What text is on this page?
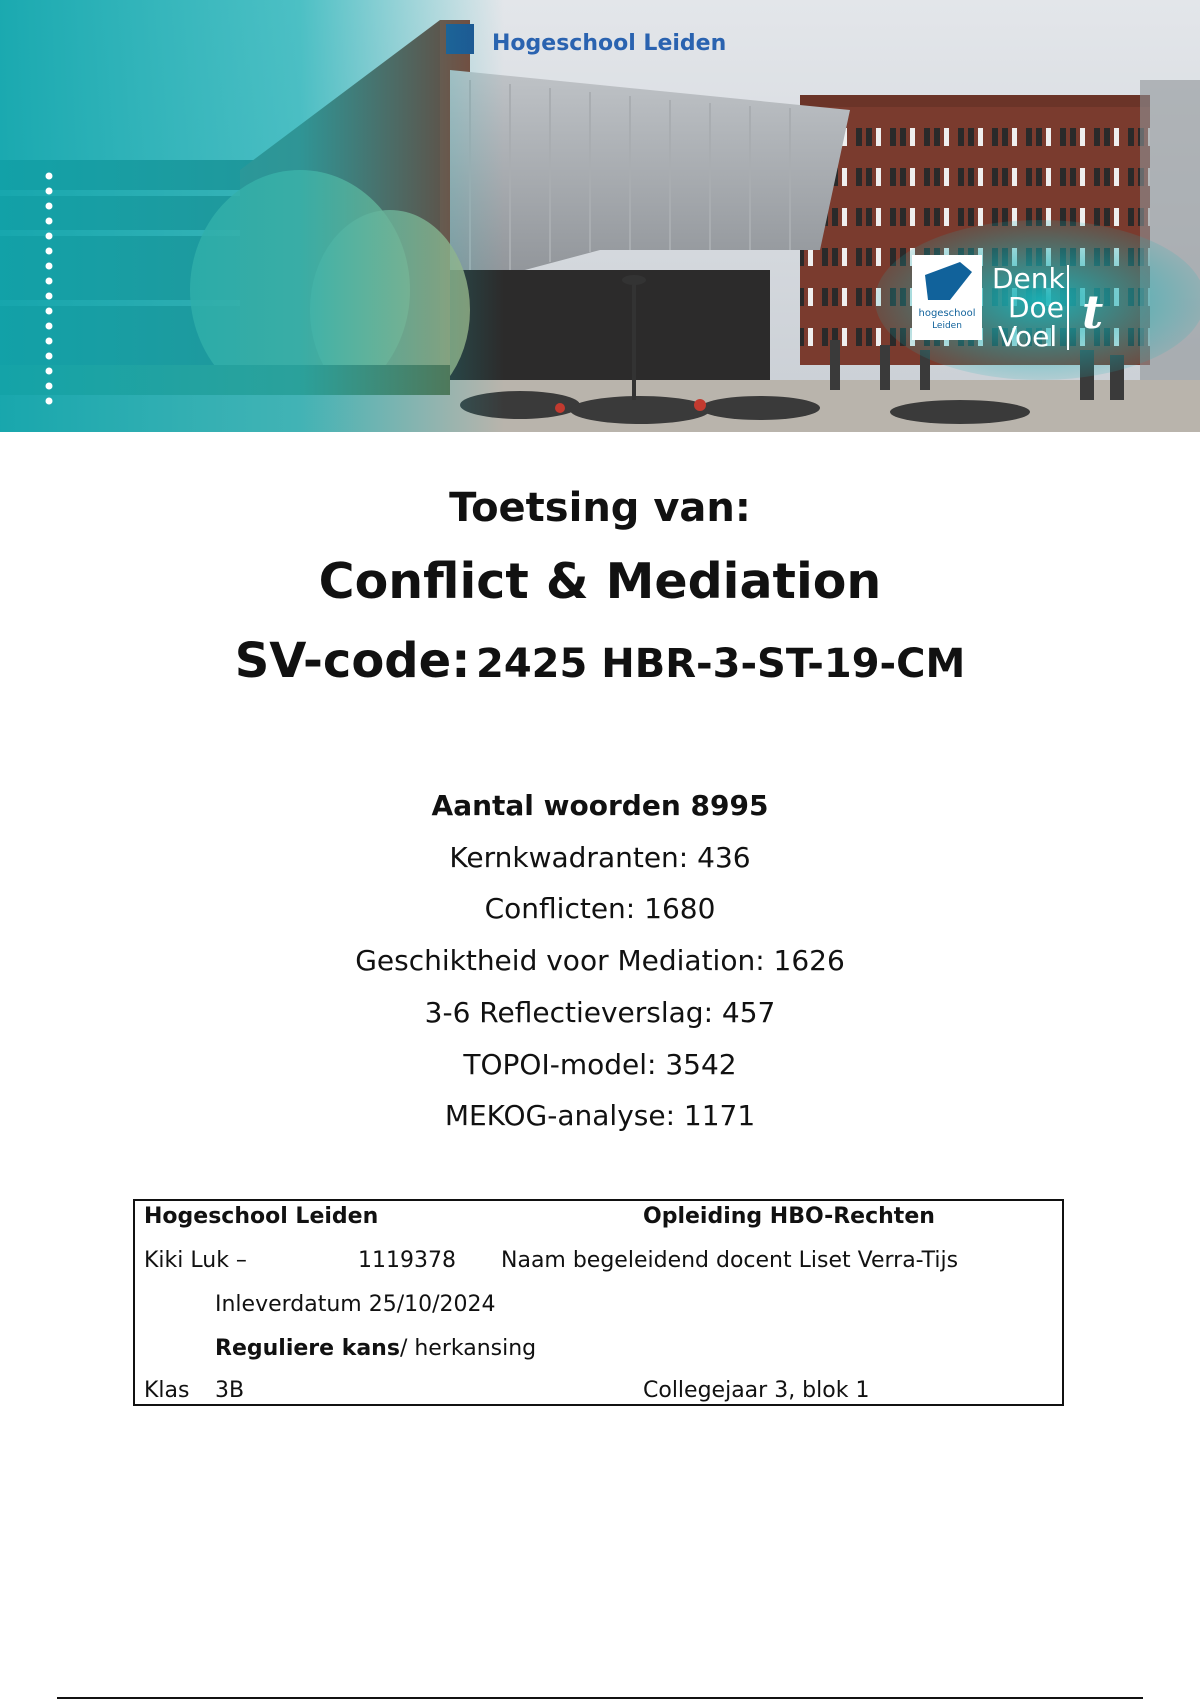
hogeschool
Leiden
Denk
Doe
Voel t
Toetsing van:
Conflict & Mediation
SV-code: 2425 HBR-3-ST-19-CM

Aantal woorden 8995

Kernkwadranten: 436

Conflicten: 1680

Geschiktheid voor Mediation: 1626

3-6 Reflectieverslag: 457

TOPOI-model: 3542

MEKOG-analyse: 1171

Hogeschool Leiden	Opleiding HBO-Rechten
Kiki Luk –	1119378 Naam begeleidend docent Liset Verra-Tijs
Inleverdatum 25/10/2024
Reguliere kans/ herkansing
Klas 3B	Collegejaar 3, blok 1
